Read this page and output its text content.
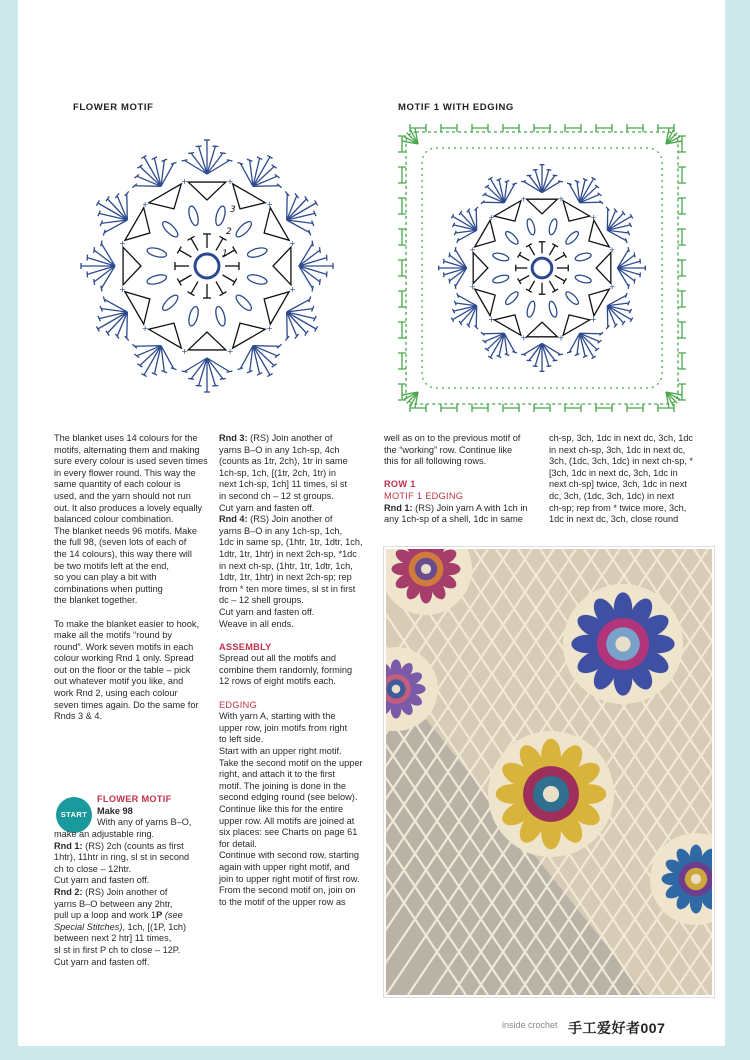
FLOWER MOTIF	MOTIF 1 WITH EDGING
+
+
+
+
+
+
+
+
+	+
+
+
1
2
3
+
+
+
+
+
+
+
+
+	+
+
+

The blanket uses 14 colours for the
motifs, alternating them and making
sure every colour is used seven times
in every flower round. This way the
same quantity of each colour is
used, and the yarn should not run
out. It also produces a lovely equally
balanced colour combination.
The blanket needs 96 motifs. Make
the full 98, (seven lots of each of
the 14 colours), this way there will
be two motifs left at the end,
so you can play a bit with
combinations when putting
the blanket together.

To make the blanket easier to hook,
make all the motifs “round by
round”. Work seven motifs in each
colour working Rnd 1 only. Spread
out on the floor or the table – pick
out whatever motif you like, and
work Rnd 2, using each colour
seven times again. Do the same for
Rnds 3 & 4.

START

FLOWER MOTIF

Make 98

With any of yarns B–O,

make an adjustable ring.

Rnd 1: (RS) 2ch (counts as first
1htr), 11htr in ring, sl st in second
ch to close – 12htr.
Cut yarn and fasten off.

Rnd 2: (RS) Join another of
yarns B–O between any 2htr,
pull up a loop and work 1P (see
Special Stitches), 1ch, [(1P, 1ch)
between next 2 htr] 11 times,
sl st in first P ch to close – 12P.
Cut yarn and fasten off.

Rnd 3: (RS) Join another of
yarns B–O in any 1ch-sp, 4ch
(counts as 1tr, 2ch), 1tr in same
1ch-sp, 1ch, [(1tr, 2ch, 1tr) in
next 1ch-sp, 1ch] 11 times, sl st
in second ch – 12 st groups.
Cut yarn and fasten off.

Rnd 4: (RS) Join another of
yarns B–O in any 1ch-sp, 1ch,
1dc in same sp, (1htr, 1tr, 1dtr, 1ch,
1dtr, 1tr, 1htr) in next 2ch-sp, *1dc
in next ch-sp, (1htr, 1tr, 1dtr, 1ch,
1dtr, 1tr, 1htr) in next 2ch-sp; rep
from * ten more times, sl st in first
dc – 12 shell groups.
Cut yarn and fasten off.
Weave in all ends.

ASSEMBLY

Spread out all the motifs and
combine them randomly, forming
12 rows of eight motifs each.

EDGING

With yarn A, starting with the
upper row, join motifs from right
to left side.
Start with an upper right motif.
Take the second motif on the upper
right, and attach it to the first
motif. The joining is done in the
second edging round (see below).
Continue like this for the entire
upper row. All motifs are joined at
six places: see Charts on page 61
for detail.
Continue with second row, starting
again with upper right motif, and
join to upper right motif of first row.
From the second motif on, join on
to the motif of the upper row as

well as on to the previous motif of
the “working” row. Continue like
this for all following rows.

ROW 1

MOTIF 1 EDGING

Rnd 1: (RS) Join yarn A with 1ch in
any 1ch-sp of a shell, 1dc in same

ch-sp, 3ch, 1dc in next dc, 3ch, 1dc
in next ch-sp, 3ch, 1dc in next dc,
3ch, (1dc, 3ch, 1dc) in next ch-sp, *
[3ch, 1dc in next dc, 3ch, 1dc in
next ch-sp] twice, 3ch, 1dc in next
dc, 3ch, (1dc, 3ch, 1dc) in next
ch-sp; rep from * twice more, 3ch,
1dc in next dc, 3ch, close round

inside crochet 手工爱好者007
